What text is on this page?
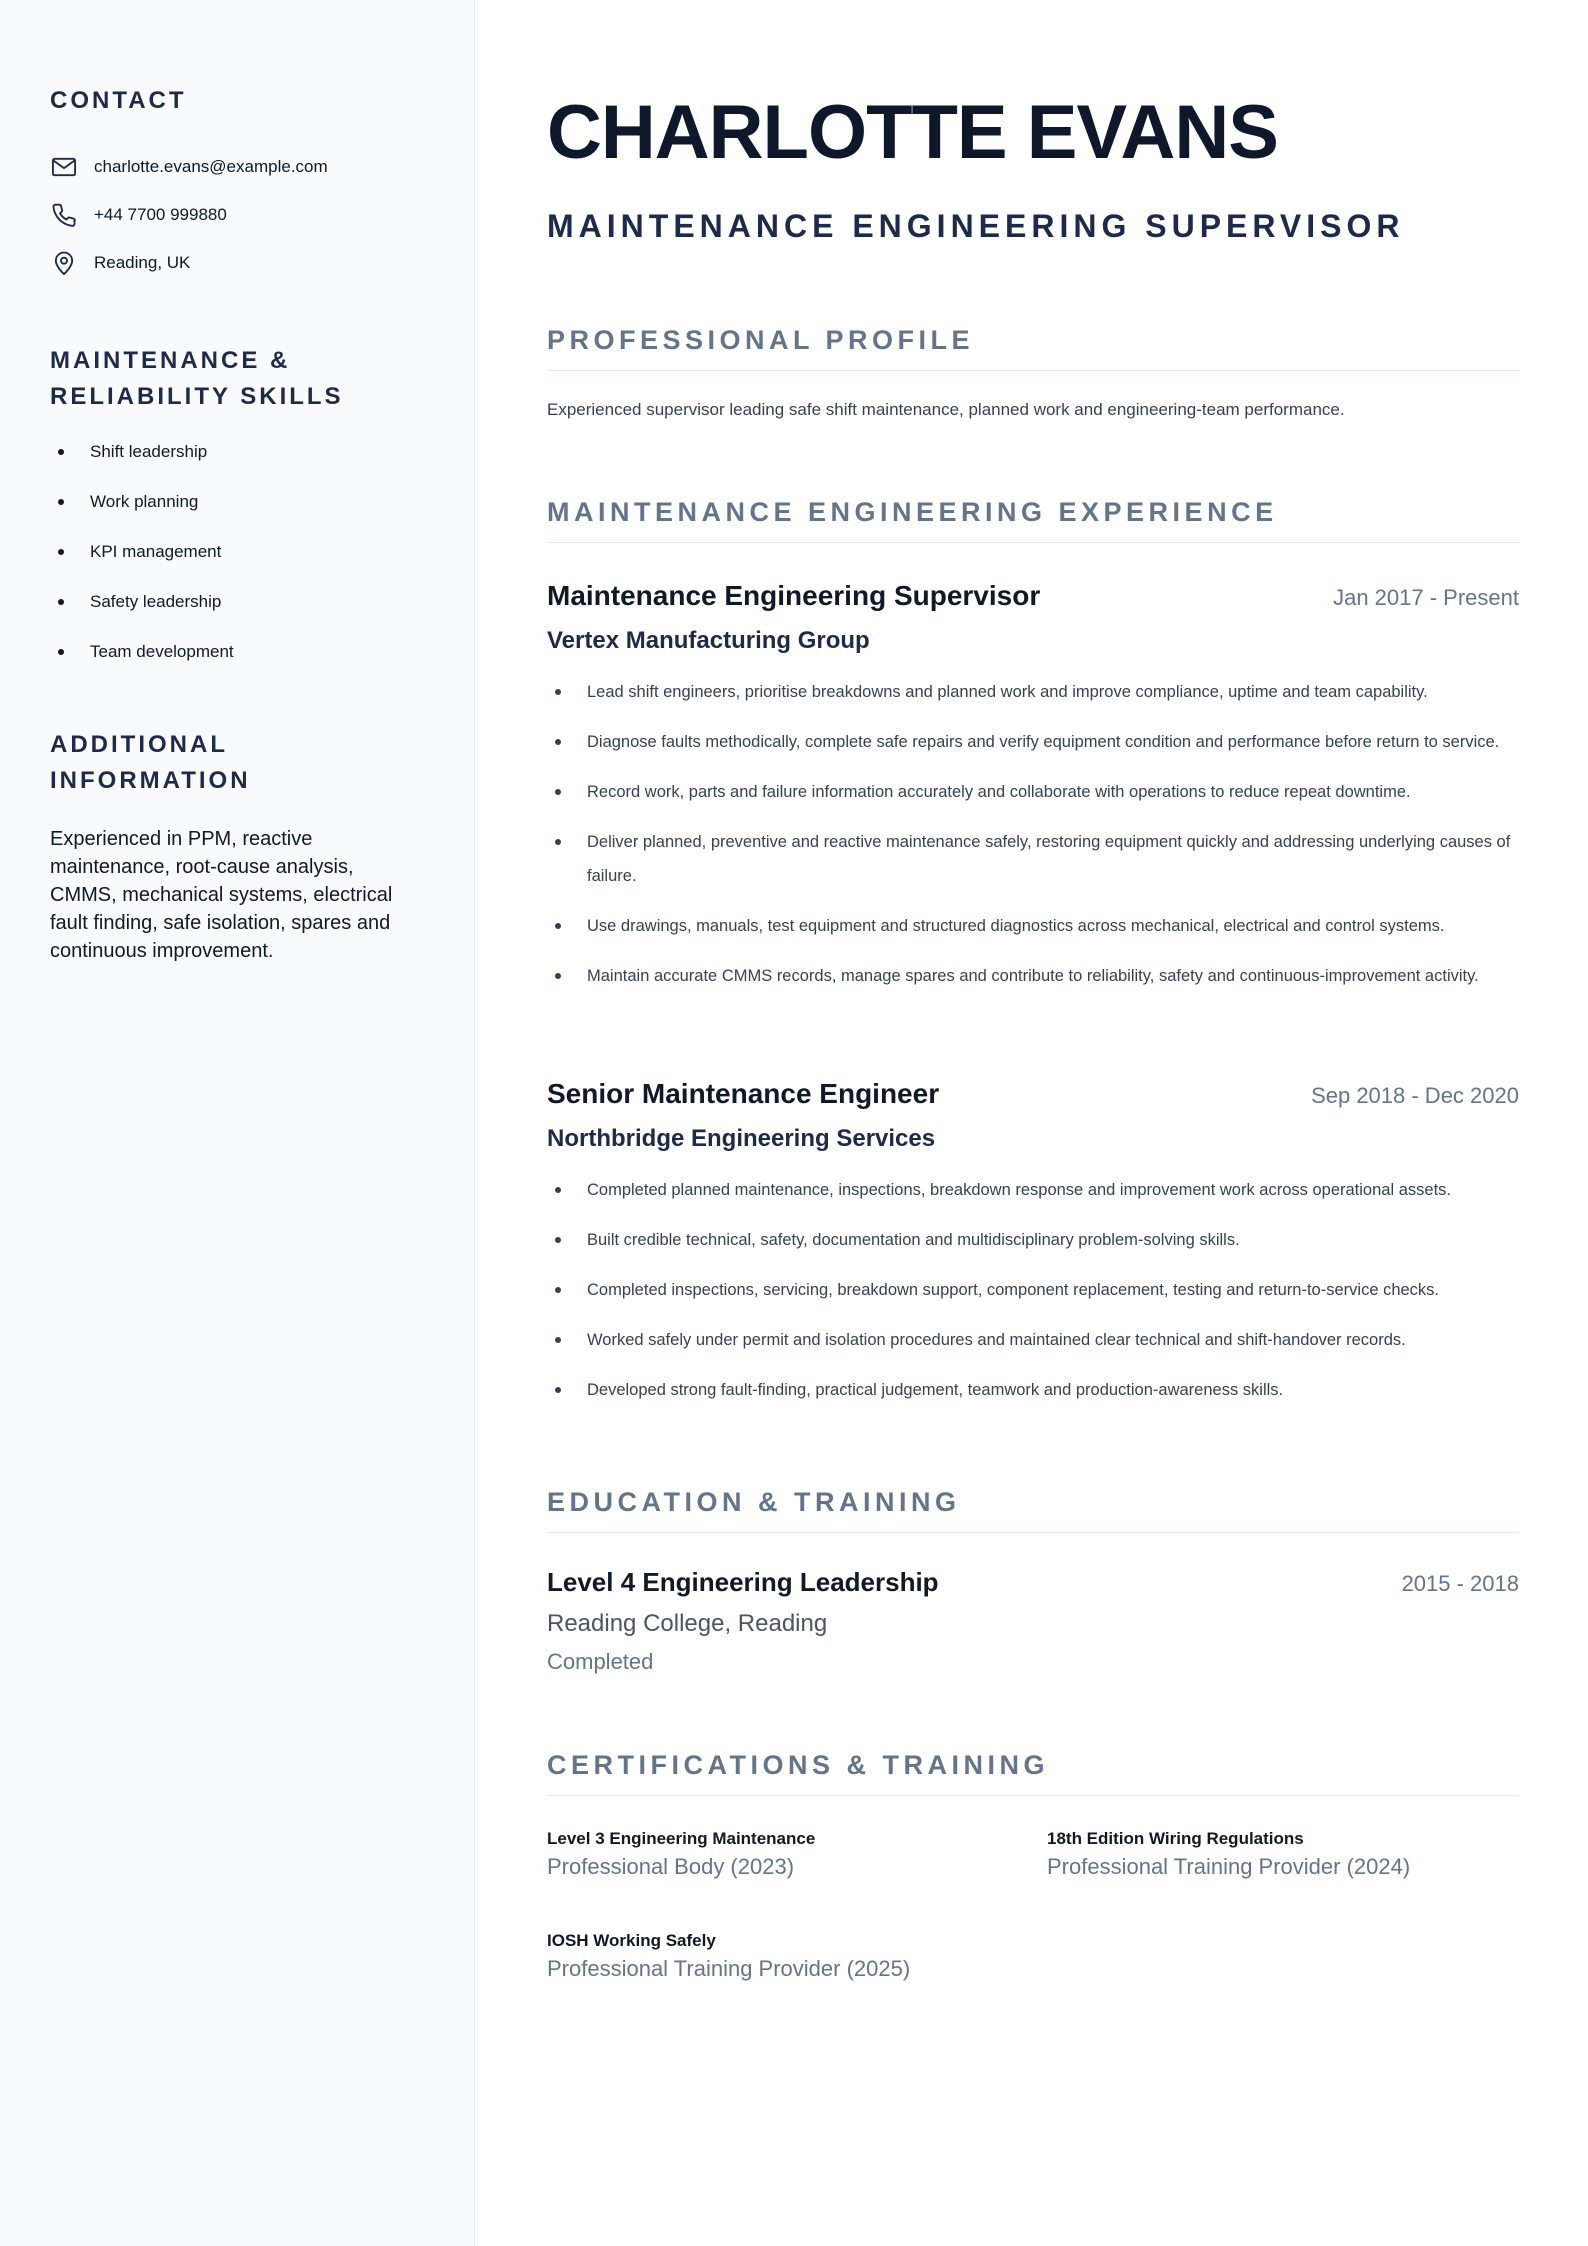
CONTACT
charlotte.evans@example.com
+44 7700 999880
Reading, UK
MAINTENANCE &
RELIABILITY SKILLS
Shift leadership
Work planning
KPI management
Safety leadership
Team development
ADDITIONAL INFORMATION

Experienced in PPM, reactive maintenance, root-cause analysis, CMMS, mechanical systems, electrical fault finding, safe isolation, spares and continuous improvement.

CHARLOTTE EVANS
MAINTENANCE ENGINEERING SUPERVISOR
PROFESSIONAL PROFILE

Experienced supervisor leading safe shift maintenance, planned work and engineering-team performance.

MAINTENANCE ENGINEERING EXPERIENCE
Maintenance Engineering Supervisor	Jan 2017 - Present
Vertex Manufacturing Group
Lead shift engineers, prioritise breakdowns and planned work and improve compliance, uptime and team capability.
Diagnose faults methodically, complete safe repairs and verify equipment condition and performance before return to service.
Record work, parts and failure information accurately and collaborate with operations to reduce repeat downtime.
Deliver planned, preventive and reactive maintenance safely, restoring equipment quickly and addressing underlying causes of failure.
Use drawings, manuals, test equipment and structured diagnostics across mechanical, electrical and control systems.
Maintain accurate CMMS records, manage spares and contribute to reliability, safety and continuous-improvement activity.
Senior Maintenance Engineer	Sep 2018 - Dec 2020
Northbridge Engineering Services
Completed planned maintenance, inspections, breakdown response and improvement work across operational assets.
Built credible technical, safety, documentation and multidisciplinary problem-solving skills.
Completed inspections, servicing, breakdown support, component replacement, testing and return-to-service checks.
Worked safely under permit and isolation procedures and maintained clear technical and shift-handover records.
Developed strong fault-finding, practical judgement, teamwork and production-awareness skills.
EDUCATION & TRAINING
Level 4 Engineering Leadership	2015 - 2018
Reading College, Reading
Completed
CERTIFICATIONS & TRAINING
Level 3 Engineering Maintenance
Professional Body (2023)
18th Edition Wiring Regulations
Professional Training Provider (2024)
IOSH Working Safely
Professional Training Provider (2025)
